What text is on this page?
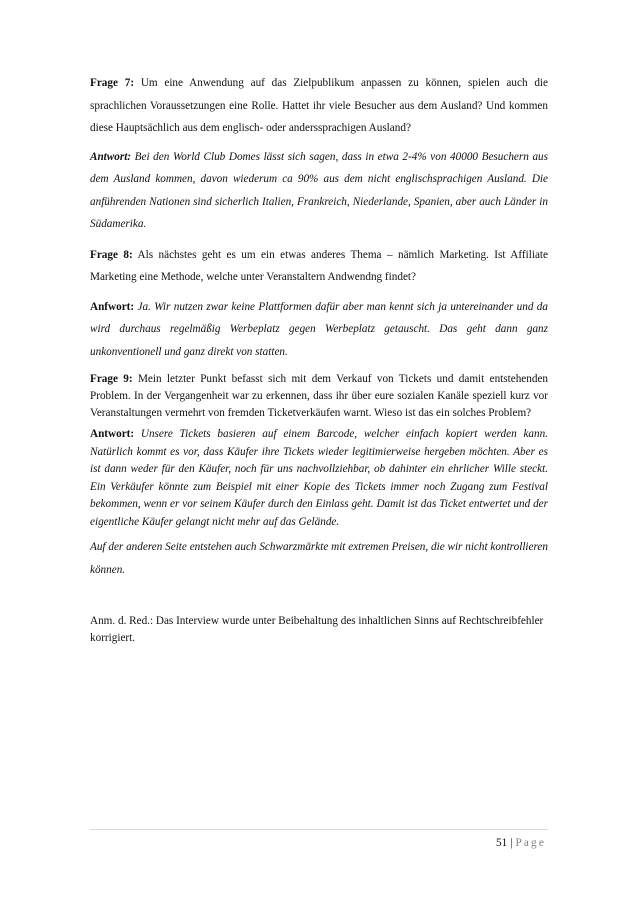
Frage 7: Um eine Anwendung auf das Zielpublikum anpassen zu können, spielen auch die sprachlichen Voraussetzungen eine Rolle. Hattet ihr viele Besucher aus dem Ausland? Und kommen diese Hauptsächlich aus dem englisch- oder anderssprachigen Ausland?

Antwort: Bei den World Club Domes lässt sich sagen, dass in etwa 2-4% von 40000 Besuchern aus dem Ausland kommen, davon wiederum ca 90% aus dem nicht englischsprachigen Ausland. Die anführenden Nationen sind sicherlich Italien, Frankreich, Niederlande, Spanien, aber auch Länder in Südamerika.

Frage 8: Als nächstes geht es um ein etwas anderes Thema – nämlich Marketing. Ist Affiliate Marketing eine Methode, welche unter Veranstaltern Andwendng findet?

Anfwort: Ja. Wir nutzen zwar keine Plattformen dafür aber man kennt sich ja untereinander und da wird durchaus regelmäßig Werbeplatz gegen Werbeplatz getauscht. Das geht dann ganz unkonventionell und ganz direkt von statten.

Frage 9: Mein letzter Punkt befasst sich mit dem Verkauf von Tickets und damit entstehenden Problem. In der Vergangenheit war zu erkennen, dass ihr über eure sozialen Kanäle speziell kurz vor Veranstaltungen vermehrt von fremden Ticketverkäufen warnt. Wieso ist das ein solches Problem?

Antwort: Unsere Tickets basieren auf einem Barcode, welcher einfach kopiert werden kann. Natürlich kommt es vor, dass Käufer ihre Tickets wieder legitimierweise hergeben möchten. Aber es ist dann weder für den Käufer, noch für uns nachvollziehbar, ob dahinter ein ehrlicher Wille steckt. Ein Verkäufer könnte zum Beispiel mit einer Kopie des Tickets immer noch Zugang zum Festival bekommen, wenn er vor seinem Käufer durch den Einlass geht. Damit ist das Ticket entwertet und der eigentliche Käufer gelangt nicht mehr auf das Gelände.

Auf der anderen Seite entstehen auch Schwarzmärkte mit extremen Preisen, die wir nicht kontrollieren können.

Anm. d. Red.: Das Interview wurde unter Beibehaltung des inhaltlichen Sinns auf Rechtschreibfehler korrigiert.

51 | Page
